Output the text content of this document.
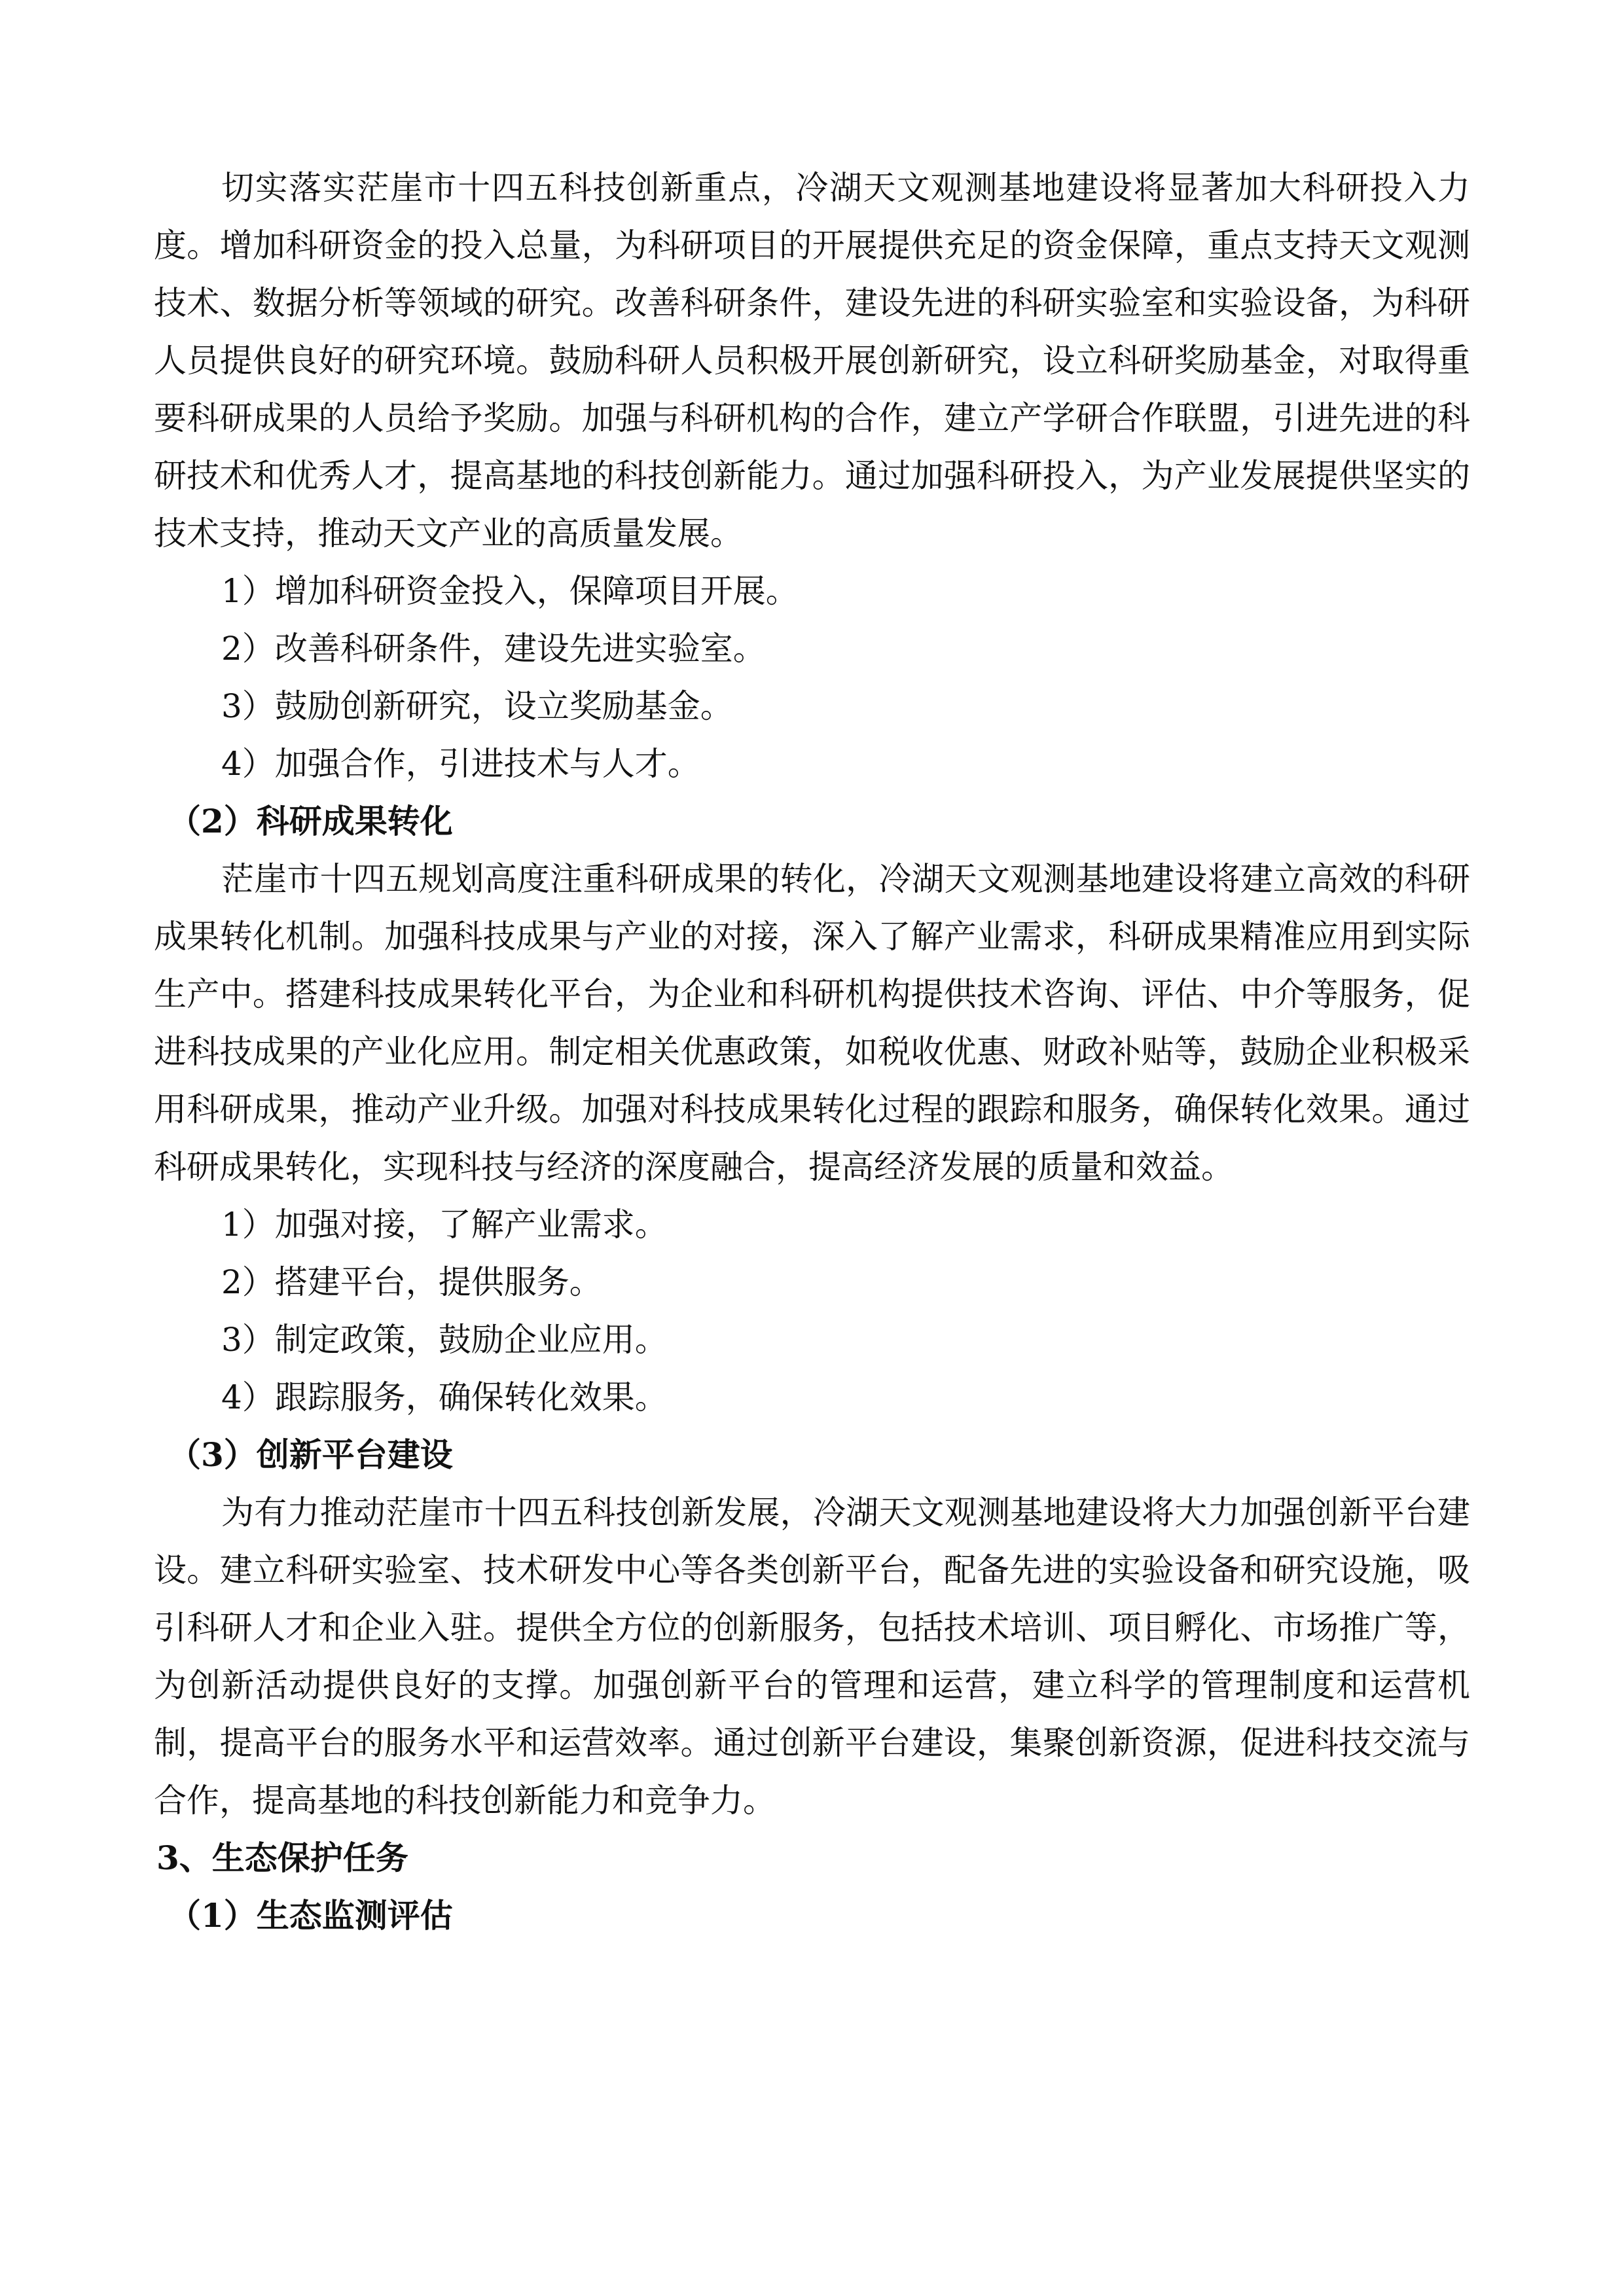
切实落实茫崖市十四五科技创新重点，冷湖天文观测基地建设将显著加大科研投入力
度。增加科研资金的投入总量，为科研项目的开展提供充足的资金保障，重点支持天文观测
技术、数据分析等领域的研究。改善科研条件，建设先进的科研实验室和实验设备，为科研
人员提供良好的研究环境。鼓励科研人员积极开展创新研究，设立科研奖励基金，对取得重
要科研成果的人员给予奖励。加强与科研机构的合作，建立产学研合作联盟，引进先进的科
研技术和优秀人才，提高基地的科技创新能力。通过加强科研投入，为产业发展提供坚实的
技术支持，推动天文产业的高质量发展。
1）增加科研资金投入，保障项目开展。
2）改善科研条件，建设先进实验室。
3）鼓励创新研究，设立奖励基金。
4）加强合作，引进技术与人才。
（2）科研成果转化
茫崖市十四五规划高度注重科研成果的转化，冷湖天文观测基地建设将建立高效的科研
成果转化机制。加强科技成果与产业的对接，深入了解产业需求，科研成果精准应用到实际
生产中。搭建科技成果转化平台，为企业和科研机构提供技术咨询、评估、中介等服务，促
进科技成果的产业化应用。制定相关优惠政策，如税收优惠、财政补贴等，鼓励企业积极采
用科研成果，推动产业升级。加强对科技成果转化过程的跟踪和服务，确保转化效果。通过
科研成果转化，实现科技与经济的深度融合，提高经济发展的质量和效益。
1）加强对接，了解产业需求。
2）搭建平台，提供服务。
3）制定政策，鼓励企业应用。
4）跟踪服务，确保转化效果。
（3）创新平台建设
为有力推动茫崖市十四五科技创新发展，冷湖天文观测基地建设将大力加强创新平台建
设。建立科研实验室、技术研发中心等各类创新平台，配备先进的实验设备和研究设施，吸
引科研人才和企业入驻。提供全方位的创新服务，包括技术培训、项目孵化、市场推广等，
为创新活动提供良好的支撑。加强创新平台的管理和运营，建立科学的管理制度和运营机
制，提高平台的服务水平和运营效率。通过创新平台建设，集聚创新资源，促进科技交流与
合作，提高基地的科技创新能力和竞争力。
3、生态保护任务
（1）生态监测评估
